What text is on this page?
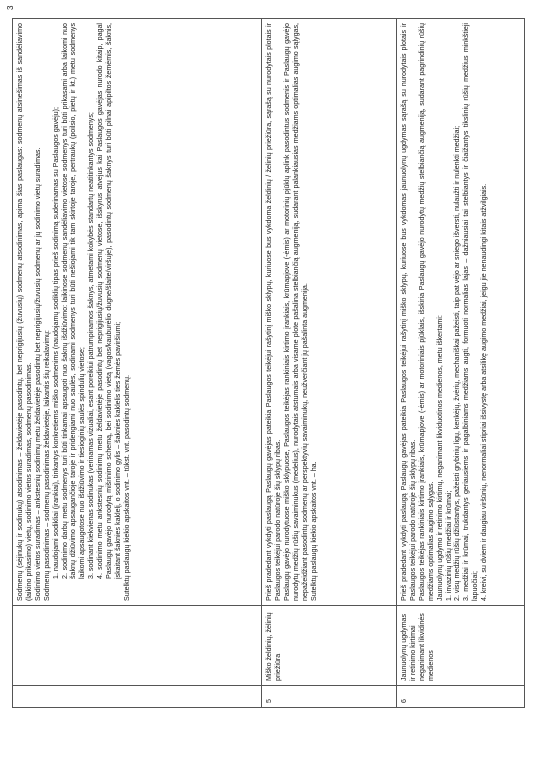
3

Sodmenų (sėjinukų ir sodinukų) atsodinimas – želdavietėje pasodintų, bet neprigijusių (žuvusių) sodmenų atsodinimas, apima šias paslaugas: sodmenų atsinešimas iš sandėliavimo (laikino prikasimo) vietų, sodinimo vietos suradimas, sodmenų pasodinimas. Sodinimo vietos suradimas – ankstesnių sodinimų metu želdavietėje pasodintų bet neprigijusių/žuvusių sodmenų ar jų sodinimo vietų suradimas. Sodmenų pasodinimas – sodmenų pasodinimas želdavietėje, laikantis šių reikalavimų: 1. naudojami sodikliai (įrankiai), tinkantys konkretiems miško sodmenims (naudojamų sodiklių tipas prieš sodinimą suderinamas su Paslaugos gavėju); 2. sodinimo darbų metu sodmenys turi būti tinkamai apsaugoti nuo šaknų išdžiūvimo: laikinose sodmenų sandėliavimo vietose sodmenys turi būti prikasami arba laikomi nuo šaknų džiūvimo apsaugančioje taroje ir pridengiami nuo saulės, sodinami sodmenys turi būti nešiojami tik tam skirtoje taroje, pertraukų (poilsio, pietų ir kt.) metu sodmenys laikomi apsaugotose nuo išdžiūvimo ir tiesioginių saulės spindulių vietose; 3. sodinant kiekvienas sodinukas (verinamas vizualiai, esant poreikiui patrumpinamos šaknys, atmetami kokybės standartų neatitinkantys sodmenys; 4. sodinimo metu ankstesnių sodinimų metu želdavietėje pasodintų bet neprigijusių/žuvusių sodmenų vietose, išskyrus atvejus kai Paslaugos gavėjas nurodo kitaip, pagal Paslaugų gavėjo nurodytą mišrinimo schemą, bei sodinimo vietą (vagos/kauburėlio dugne/šlaite/viršuje), pasodintų sodmenų šaknys turi būti pilnai apipiltos žemėmis, šaknis, įskaitant šaknies kaklelį, o sodinimo gylis – šaknies kaklelis ties žemės paviršiumi; Sutelktų paslaugų kiekio apskaitos vnt. – tūkst. vnt. pasodintų sodmenų.

5
Miško želdinių, žėlinių priežiūra

Prieš pradedant vykdyti paslaugą Paslaugų gavėjas pateikia Paslaugos teikėjui rašytinį miško sklypų, kuriuose bus vykdoma želdinių / želinių priežiūra, sąrašą su nurodytais plotais ir Paslaugos teikėjui parodo natūroje šių sklypų ribas. Paslaugų gavėjo nurodytuose miško sklypuose, Paslaugos teikėjas rankiniais kirtimo įrankiais, krūmapjove (-ėmis) ar motorinių pjūklų aplink pasodintus sodmenis ir Paslaugų gavėjo nurodytų medžių rūšių savaiminukus (medelius), nurodytais atstumais arba visame plote pašalina stelbiančią augmeniją, sudarant palankiausias medžiams optimalias augimo sąlygas, nepažeidžiant pasodintų sodmenų ar perspektyvių savaiminukų, neužverčiant jų pašalinta augmenija. Sutelktų paslaugų kiekio apskaitos vnt. – ha.

6
Jaunuolynų ugdymas ir retinimo kirtimai neganimant likvidinės medienos

Prieš pradedant vykdyti paslaugą Paslaugų gavėjas pateikia Paslaugos teikėjui rašytinį miško sklypų, kuriuose bus vykdomas jaunuolynų ugdymas sąrašą su nurodytais plotais ir Paslaugos teikėjui parodo natūroje šių sklypų ribas. Paslaugos teikėjas rankiniais kirtimo įrankiais, krūmapjove (-ėmis) ar motoriniais pjūklais, išskiria Paslaugų gavėjo nurodytų medžių stelbiančią augmeniją, sudarant pagrindinių rūšių medžiams optimalias augimo sąlygas. Jaunuolynų ugdymo ir retinimo kirtimų, neganimant likviduotinos medienos, metu iškertami: 1. invazinių rūšių medžiai ir krūmai; 2. visų medžių rūšių džiūstantys, pažeisti grybinių ligų, kenkėjų, žvėrių, mechaniškai pažeisti, taip pat vėjo ar sniego išversti, nulaužti ir nulenkti medžiai; 3. medžiai ir krūmai, trukdantys geriausiems ir pagalbiniams medžiams augti, formuoti normalias lajas – dažniausiai tai stelbiantys ir čiaižantys tikslinių rūšių medžius minkštieji lapuočiai; 4. kreivi, su dviem ir daugiau viršūnių, nenormaliai stipriai išsivystę arba atsilikę augimo medžiai, jeigu jie nenaudingi kitais atžvilgiais.
